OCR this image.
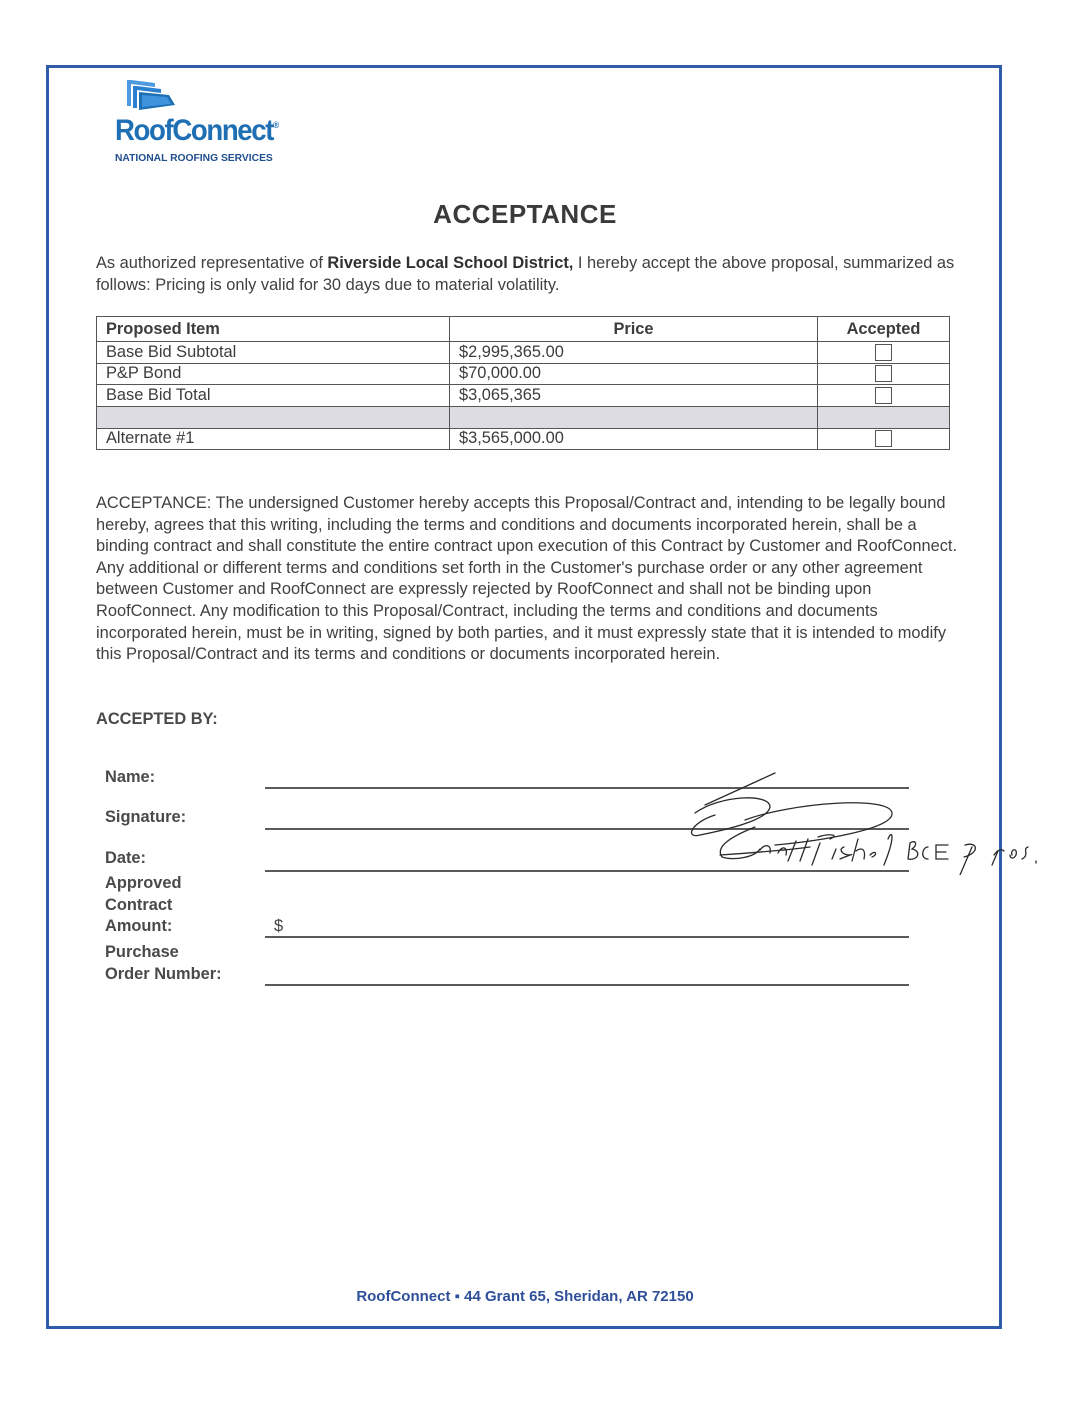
RoofConnect®
NATIONAL ROOFING SERVICES
ACCEPTANCE
As authorized representative of Riverside Local School District, I hereby accept the above proposal, summarized as follows: Pricing is only valid for 30 days due to material volatility.
Proposed Item	Price	Accepted
Base Bid Subtotal	$2,995,365.00	
P&P Bond	$70,000.00	
Base Bid Total	$3,065,365	

Alternate #1	$3,565,000.00	
ACCEPTANCE: The undersigned Customer hereby accepts this Proposal/Contract and, intending to be legally bound hereby, agrees that this writing, including the terms and conditions and documents incorporated herein, shall be a binding contract and shall constitute the entire contract upon execution of this Contract by Customer and RoofConnect. Any additional or different terms and conditions set forth in the Customer's purchase order or any other agreement between Customer and RoofConnect are expressly rejected by RoofConnect and shall not be binding upon RoofConnect. Any modification to this Proposal/Contract, including the terms and conditions and documents incorporated herein, must be in writing, signed by both parties, and it must expressly state that it is intended to modify this Proposal/Contract and its terms and conditions or documents incorporated herein.
ACCEPTED BY:
Name:
Signature:
Date:
Approved
Contract
Amount:	$
Purchase
Order Number:
RoofConnect ▪ 44 Grant 65, Sheridan, AR 72150
